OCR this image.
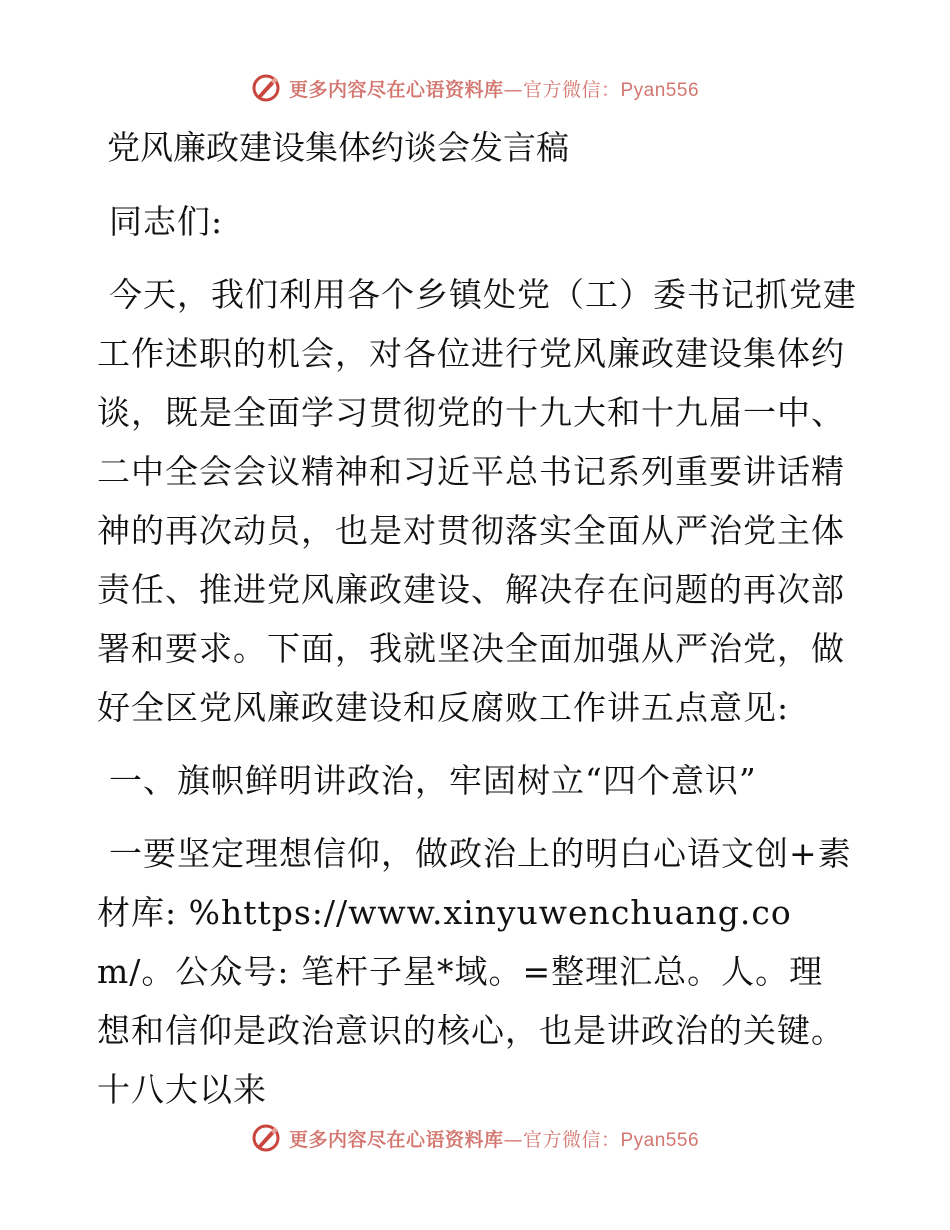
更多内容尽在心语资料库—官方微信：Pyan556
党风廉政建设集体约谈会发言稿

同志们:

今天，我们利用各个乡镇处党（工）委书记抓党建工作述职的机会，对各位进行党风廉政建设集体约谈，既是全面学习贯彻党的十九大和十九届一中、二中全会会议精神和习近平总书记系列重要讲话精神的再次动员，也是对贯彻落实全面从严治党主体责任、推进党风廉政建设、解决存在问题的再次部署和要求。下面，我就坚决全面加强从严治党，做好全区党风廉政建设和反腐败工作讲五点意见:

一、旗帜鲜明讲政治，牢固树立“四个意识”

一要坚定理想信仰，做政治上的明白心语文创+素材库: %https://www.xinyuwenchuang.com/。公众号: 笔杆子星*域。=整理汇总。人。理想和信仰是政治意识的核心，也是讲政治的关键。十八大以来

更多内容尽在心语资料库—官方微信：Pyan556
